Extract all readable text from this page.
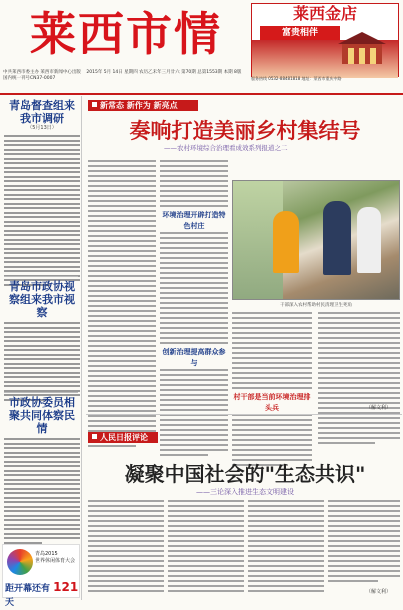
莱西市情	莱西金店
富贵相伴
中共莱西市委主办 莱西市新闻中心出版 2015年 5月 14日 星期四 农历乙未年三月廿六 第70期 总第1553期 本期 8版 国内统一刊号CN37-0007	服务热线 0532-88481818 地址：莱西市重庆中路
青岛督查组来我市调研
（5月13日）
青岛市政协视察组来我市视察
市政协委员相聚共同体察民情
青岛2015
世界休闲体育大会
距开幕还有 121 天
新常态 新作为 新亮点
奏响打造美丽乡村集结号
——农村环境综合治理看成效系列报道之二
环境治理开辟打造特色村庄
创新治理提高群众参与
干部深入农村帮助村民清理卫生死角
村干部是当前环境治理排头兵	（解文利）
人民日报评论
凝聚中国社会的"生态共识"
——三论深入推进生态文明建设
（解文利）
